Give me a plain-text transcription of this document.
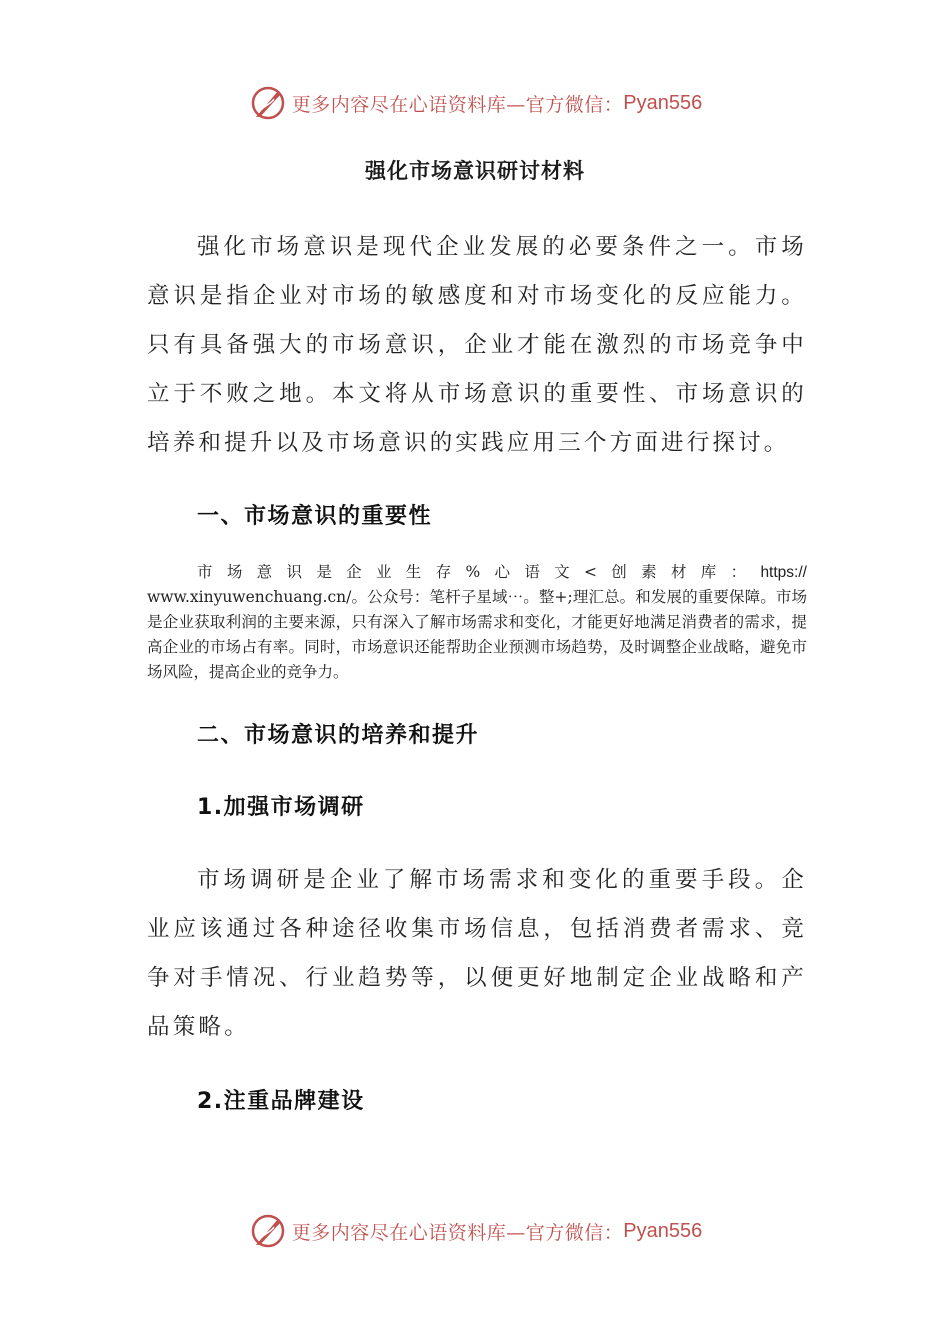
更多内容尽在心语资料库—官方微信： Pyan556
强化市场意识研讨材料

强化市场意识是现代企业发展的必要条件之一。市场意识是指企业对市场的敏感度和对市场变化的反应能力。只有具备强大的市场意识，企业才能在激烈的市场竞争中立于不败之地。本文将从市场意识的重要性、市场意识的培养和提升以及市场意识的实践应用三个方面进行探讨。

一、市场意识的重要性
市 场 意 识 是 企 业 生 存 % 心 语 文 < 创 素 材 库 ： https://
www.xinyuwenchuang.cn/。公众号：笔杆子星域⋯。整+;理汇总。和发展的重要保障。市场是企业获取利润的主要来源，只有深入了解市场需求和变化，才能更好地满足消费者的需求，提高企业的市场占有率。同时，市场意识还能帮助企业预测市场趋势，及时调整企业战略，避免市场风险，提高企业的竞争力。
二、市场意识的培养和提升
1.加强市场调研

市场调研是企业了解市场需求和变化的重要手段。企业应该通过各种途径收集市场信息，包括消费者需求、竞争对手情况、行业趋势等，以便更好地制定企业战略和产品策略。

2.注重品牌建设
更多内容尽在心语资料库—官方微信： Pyan556
